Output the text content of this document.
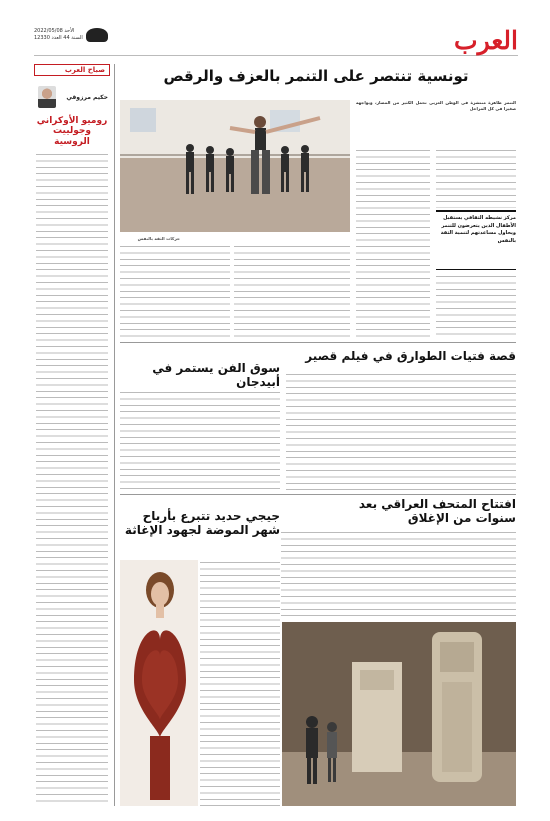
العرب
الأحد 2022/05/08
السنة 44 العدد 12330
صباح العرب
حكيم مرزوقي
روميو الأوكراني وجولييت الروسية
تونسية تنتصر على التنمر بالعزف والرقص
حركات الثقة بالنفس
التنمر ظاهرة منتشرة في الوطن العربي تحمل الكثير من المضار، ويواجهه صغيرا في كل المراحل
مركز نشيطه الثقافي يستقبل الأطفال الذين يتعرضون للتنمر ويحاول مساعدتهم لتنمية الثقة بالنفس
قصة فتيات الطوارق في فيلم قصير
سوق الفن يستمر في أبيدجان
افتتاح المتحف العراقي بعد سنوات من الإغلاق
جيجي حديد تتبرع بأرباح شهر الموضة لجهود الإغاثة
